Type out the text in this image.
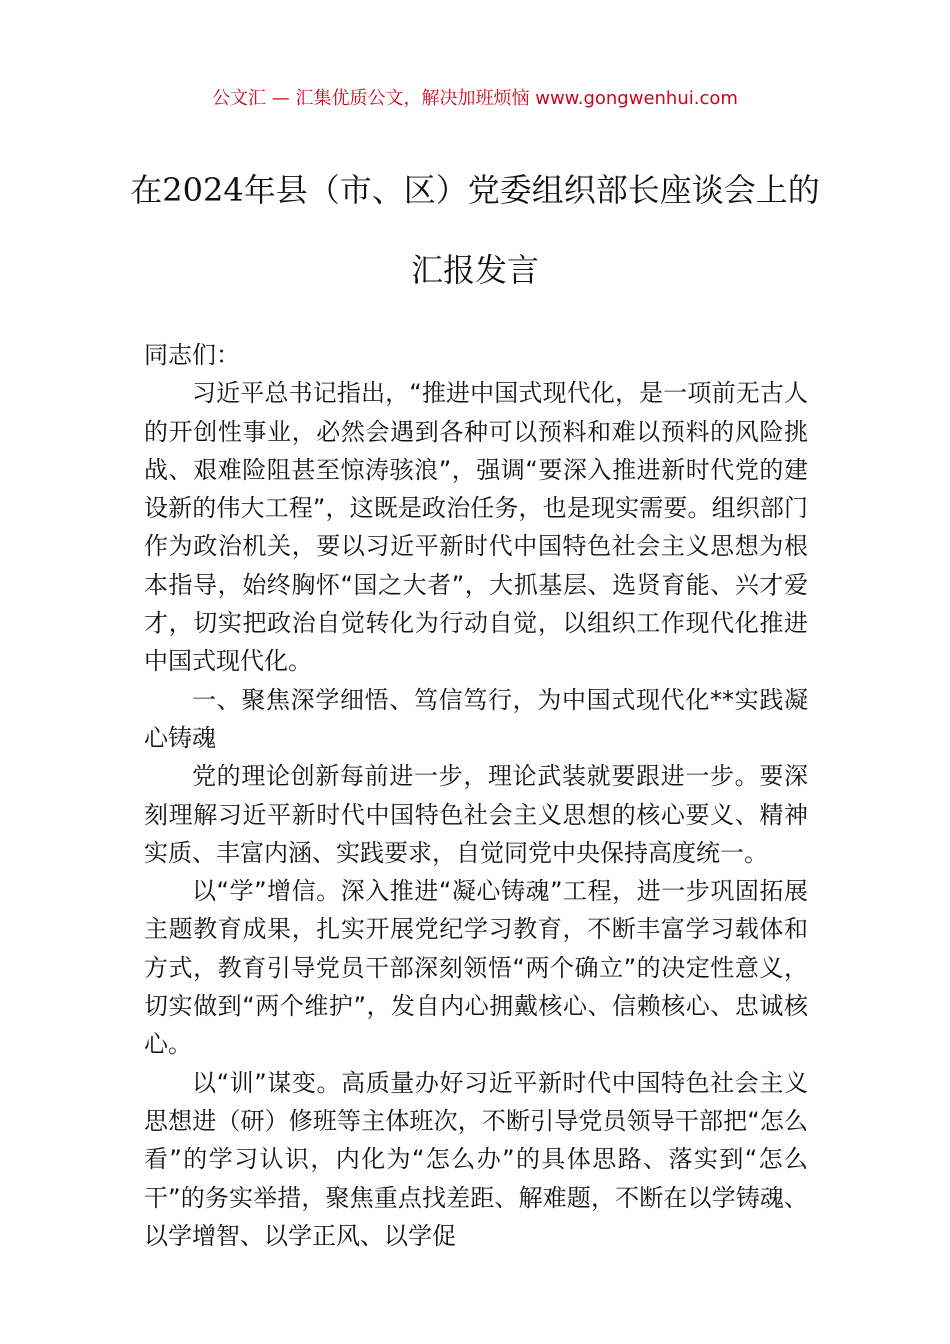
公文汇 — 汇集优质公文，解决加班烦恼 www.gongwenhui.com
在2024年县（市、区）党委组织部长座谈会上的汇报发言

同志们：

习近平总书记指出，“推进中国式现代化，是一项前无古人的开创性事业，必然会遇到各种可以预料和难以预料的风险挑战、艰难险阻甚至惊涛骇浪”，强调“要深入推进新时代党的建设新的伟大工程”，这既是政治任务，也是现实需要。组织部门作为政治机关，要以习近平新时代中国特色社会主义思想为根本指导，始终胸怀“国之大者”，大抓基层、选贤育能、兴才爱才，切实把政治自觉转化为行动自觉，以组织工作现代化推进中国式现代化。

一、聚焦深学细悟、笃信笃行，为中国式现代化**实践凝心铸魂

党的理论创新每前进一步，理论武装就要跟进一步。要深刻理解习近平新时代中国特色社会主义思想的核心要义、精神实质、丰富内涵、实践要求，自觉同党中央保持高度统一。

以“学”增信。深入推进“凝心铸魂”工程，进一步巩固拓展主题教育成果，扎实开展党纪学习教育，不断丰富学习载体和方式，教育引导党员干部深刻领悟“两个确立”的决定性意义，切实做到“两个维护”，发自内心拥戴核心、信赖核心、忠诚核心。

以“训”谋变。高质量办好习近平新时代中国特色社会主义思想进（研）修班等主体班次，不断引导党员领导干部把“怎么看”的学习认识，内化为“怎么办”的具体思路、落实到“怎么干”的务实举措，聚焦重点找差距、解难题，不断在以学铸魂、以学增智、以学正风、以学促
